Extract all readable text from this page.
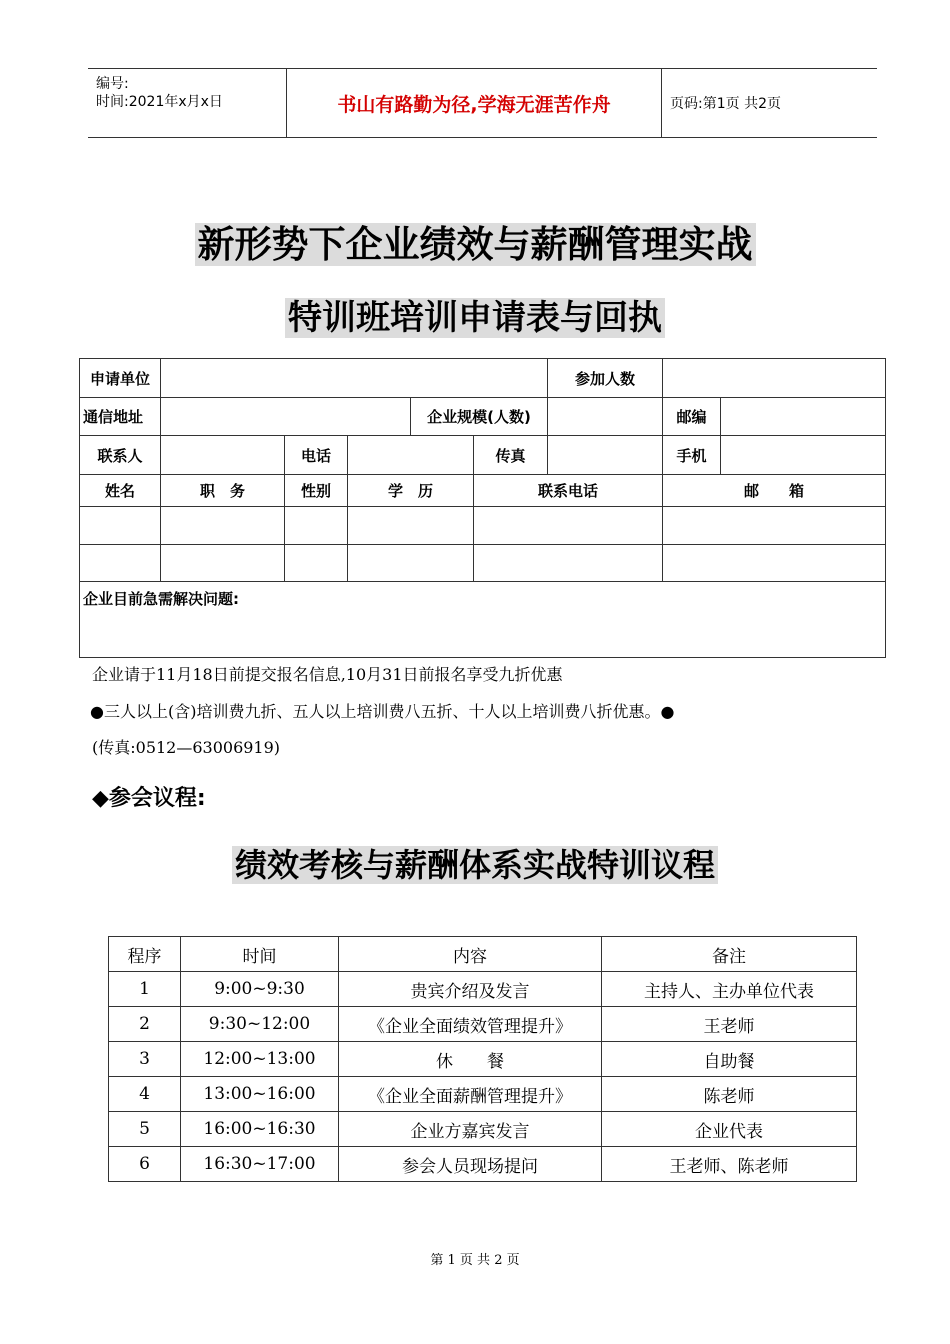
编号:
时间:2021年x月x日	书山有路勤为径,学海无涯苦作舟	页码:第1页 共2页
新形势下企业绩效与薪酬管理实战
特训班培训申请表与回执
申请单位						参加人数		
通信地址				企业规模(人数)			邮编	
联系人		电话			传真		手机	
姓名	职　务	性别	学　历		联系电话		邮　　箱	

企业目前急需解决问题:								
企业请于11月18日前提交报名信息,10月31日前报名享受九折优惠
●三人以上(含)培训费九折、五人以上培训费八五折、十人以上培训费八折优惠。●
(传真:0512—63006919)
◆参会议程:
绩效考核与薪酬体系实战特训议程
程序	时间	内容	备注
1	9:00~9:30	贵宾介绍及发言	主持人、主办单位代表
2	9:30~12:00	《企业全面绩效管理提升》	王老师
3	12:00~13:00	休　　餐	自助餐
4	13:00~16:00	《企业全面薪酬管理提升》	陈老师
5	16:00~16:30	企业方嘉宾发言	企业代表
6	16:30~17:00	参会人员现场提问	王老师、陈老师
第 1 页 共 2 页
